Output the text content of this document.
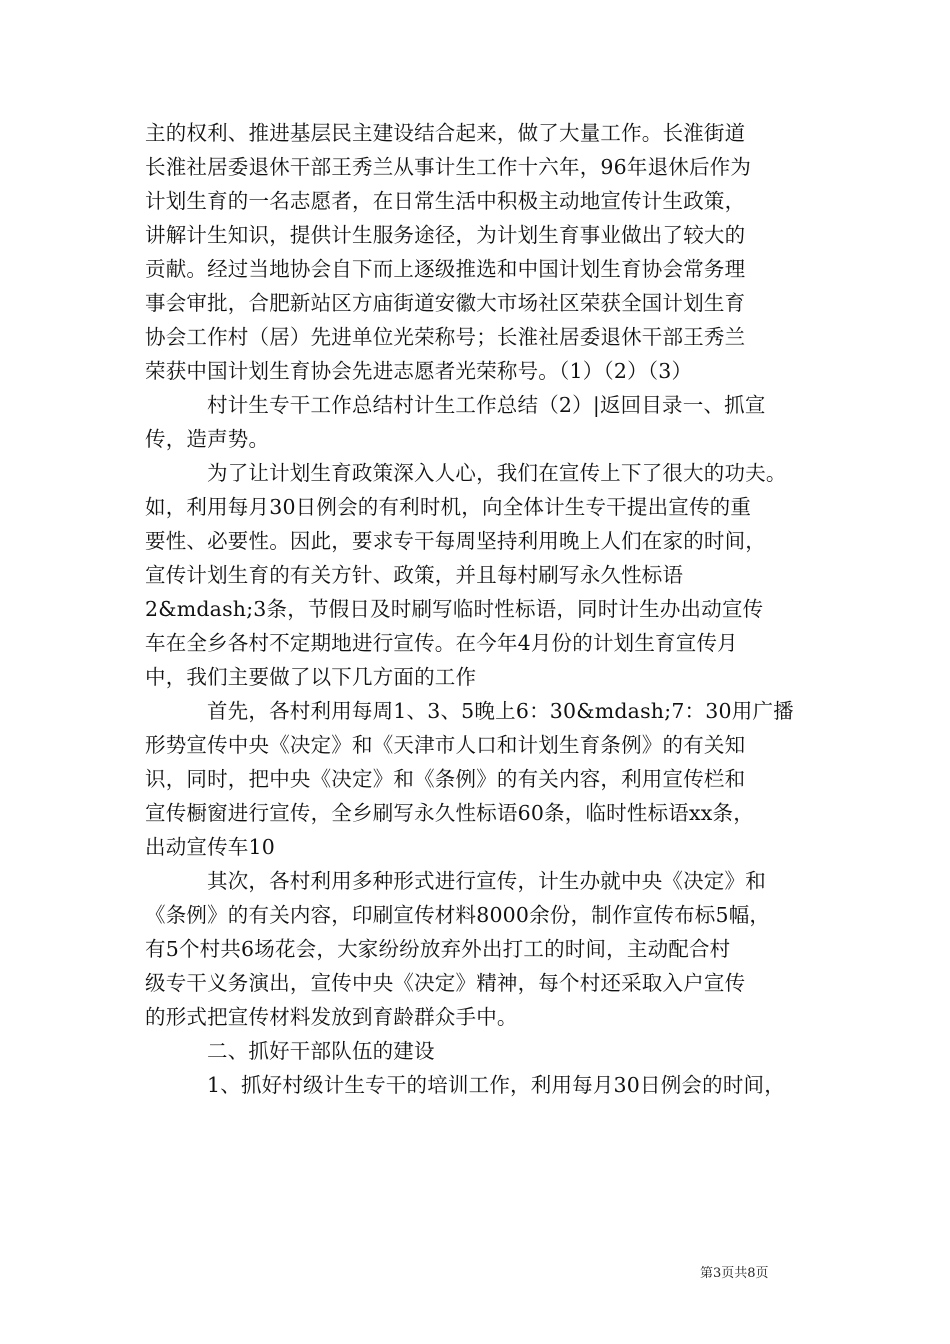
主的权利、推进基层民主建设结合起来，做了大量工作。长淮街道
长淮社居委退休干部王秀兰从事计生工作十六年，96年退休后作为
计划生育的一名志愿者，在日常生活中积极主动地宣传计生政策，
讲解计生知识，提供计生服务途径，为计划生育事业做出了较大的
贡献。经过当地协会自下而上逐级推选和中国计划生育协会常务理
事会审批，合肥新站区方庙街道安徽大市场社区荣获全国计划生育
协会工作村（居）先进单位光荣称号；长淮社居委退休干部王秀兰
荣获中国计划生育协会先进志愿者光荣称号。（1）（2）（3）
村计生专干工作总结村计生工作总结（2）|返回目录一、抓宣
传，造声势。
为了让计划生育政策深入人心，我们在宣传上下了很大的功夫。
如，利用每月30日例会的有利时机，向全体计生专干提出宣传的重
要性、必要性。因此，要求专干每周坚持利用晚上人们在家的时间，
宣传计划生育的有关方针、政策，并且每村刷写永久性标语
2&mdash;3条，节假日及时刷写临时性标语，同时计生办出动宣传
车在全乡各村不定期地进行宣传。在今年4月份的计划生育宣传月
中，我们主要做了以下几方面的工作
首先，各村利用每周1、3、5晚上6：30&mdash;7：30用广播
形势宣传中央《决定》和《天津市人口和计划生育条例》的有关知
识，同时，把中央《决定》和《条例》的有关内容，利用宣传栏和
宣传橱窗进行宣传，全乡刷写永久性标语60条，临时性标语xx条，
出动宣传车10
其次，各村利用多种形式进行宣传，计生办就中央《决定》和
《条例》的有关内容，印刷宣传材料8000余份，制作宣传布标5幅，
有5个村共6场花会，大家纷纷放弃外出打工的时间，主动配合村
级专干义务演出，宣传中央《决定》精神，每个村还采取入户宣传
的形式把宣传材料发放到育龄群众手中。
二、抓好干部队伍的建设
1、抓好村级计生专干的培训工作，利用每月30日例会的时间，
第3页共8页
